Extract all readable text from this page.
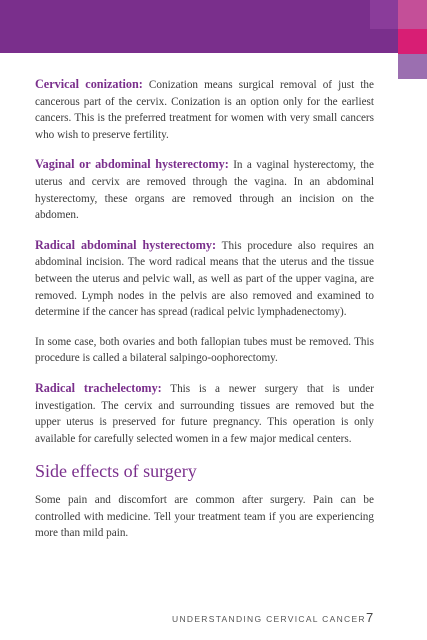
Cervical conization: Conization means surgical removal of just the cancerous part of the cervix. Conization is an option only for the earliest cancers. This is the preferred treatment for women with very small cancers who wish to preserve fertility.

Vaginal or abdominal hysterectomy: In a vaginal hysterectomy, the uterus and cervix are removed through the vagina. In an abdominal hysterectomy, these organs are removed through an incision on the abdomen.

Radical abdominal hysterectomy: This procedure also requires an abdominal incision. The word radical means that the uterus and the tissue between the uterus and pelvic wall, as well as part of the upper vagina, are removed. Lymph nodes in the pelvis are also removed and examined to determine if the cancer has spread (radical pelvic lymphadenectomy).

In some case, both ovaries and both fallopian tubes must be removed. This procedure is called a bilateral salpingo-oophorectomy.

Radical trachelectomy: This is a newer surgery that is under investigation. The cervix and surrounding tissues are removed but the upper uterus is preserved for future pregnancy. This operation is only available for carefully selected women in a few major medical centers.

Side effects of surgery

Some pain and discomfort are common after surgery. Pain can be controlled with medicine. Tell your treatment team if you are experiencing more than mild pain.

UNDERSTANDING CERVICAL CANCER 7
